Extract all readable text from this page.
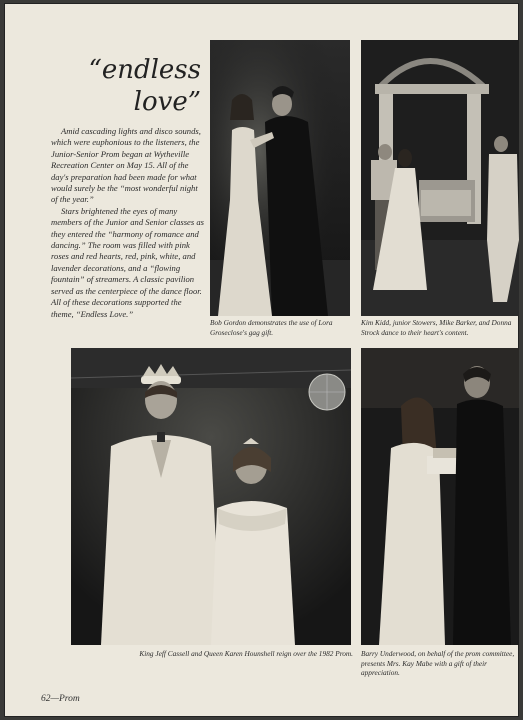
“endless
love”

Amid cascading lights and disco sounds, which were euphonious to the listeners, the Junior-Senior Prom began at Wytheville Recreation Center on May 15. All of the day's preparation had been made for what would surely be the “most wonderful night of the year.”

Stars brightened the eyes of many members of the Junior and Senior classes as they entered the “harmony of romance and dancing.” The room was filled with pink roses and red hearts, red, pink, white, and lavender decorations, and a “flowing fountain” of streamers. A classic pavilion served as the centerpiece of the dance floor. All of these decorations supported the theme, “Endless Love.”

Bob Gordon demonstrates the use of Lora Groseclose's gag gift.
Kim Kidd, junior Stowers, Mike Barker, and Donna Strock dance to their heart's content.
King Jeff Cassell and Queen Karen Hounshell reign over the 1982 Prom. Barry Underwood, on behalf of the prom committee, presents Mrs. Kay Mabe with a gift of their appreciation.
62—Prom
